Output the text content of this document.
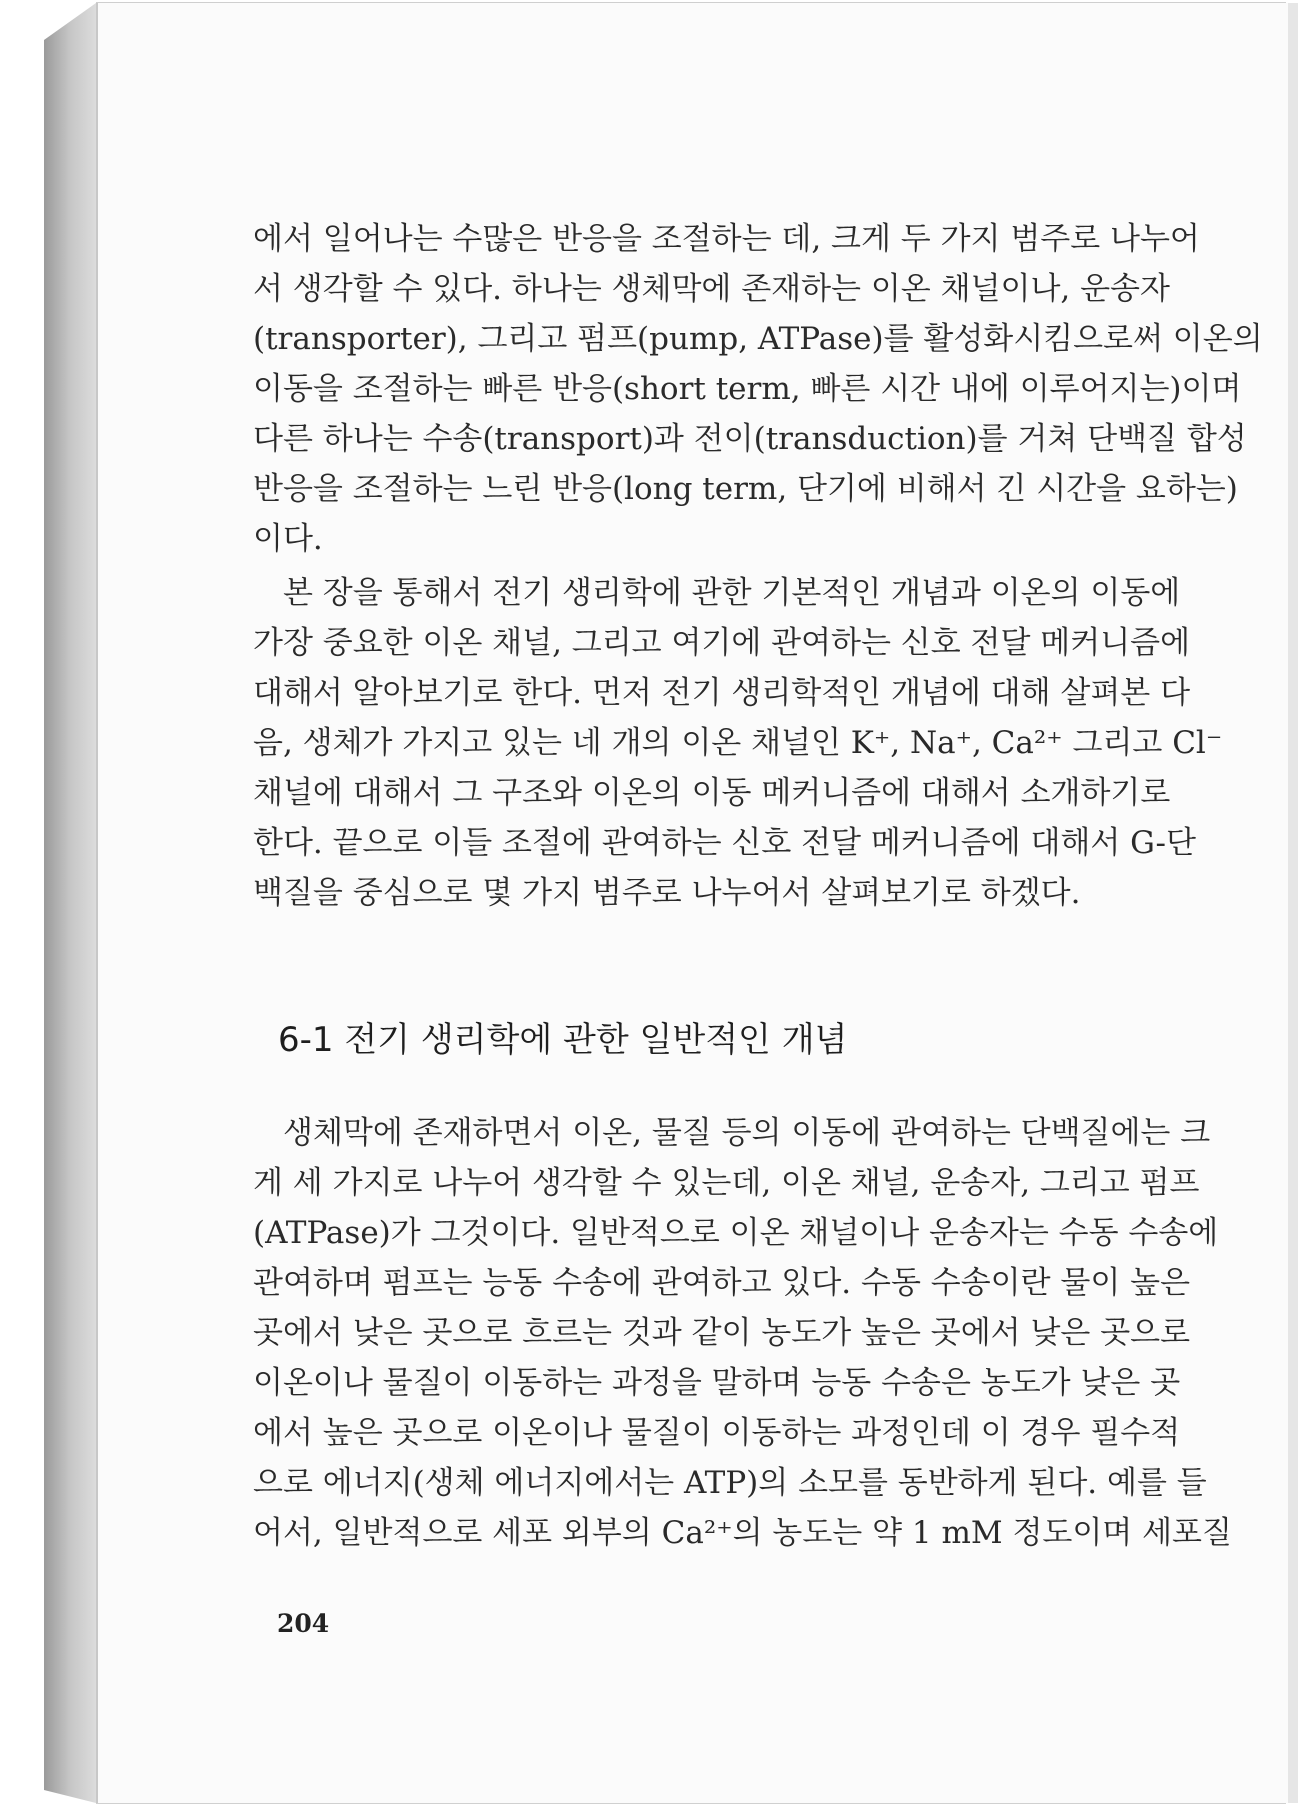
에서 일어나는 수많은 반응을 조절하는 데, 크게 두 가지 범주로 나누어
서 생각할 수 있다. 하나는 생체막에 존재하는 이온 채널이나, 운송자
(transporter), 그리고 펌프(pump, ATPase)를 활성화시킴으로써 이온의
이동을 조절하는 빠른 반응(short term, 빠른 시간 내에 이루어지는)이며
다른 하나는 수송(transport)과 전이(transduction)를 거쳐 단백질 합성
반응을 조절하는 느린 반응(long term, 단기에 비해서 긴 시간을 요하는)
이다.
본 장을 통해서 전기 생리학에 관한 기본적인 개념과 이온의 이동에
가장 중요한 이온 채널, 그리고 여기에 관여하는 신호 전달 메커니즘에
대해서 알아보기로 한다. 먼저 전기 생리학적인 개념에 대해 살펴본 다
음, 생체가 가지고 있는 네 개의 이온 채널인 K⁺, Na⁺, Ca²⁺ 그리고 Cl⁻
채널에 대해서 그 구조와 이온의 이동 메커니즘에 대해서 소개하기로
한다. 끝으로 이들 조절에 관여하는 신호 전달 메커니즘에 대해서 G-단
백질을 중심으로 몇 가지 범주로 나누어서 살펴보기로 하겠다.
6-1 전기 생리학에 관한 일반적인 개념
생체막에 존재하면서 이온, 물질 등의 이동에 관여하는 단백질에는 크
게 세 가지로 나누어 생각할 수 있는데, 이온 채널, 운송자, 그리고 펌프
(ATPase)가 그것이다. 일반적으로 이온 채널이나 운송자는 수동 수송에
관여하며 펌프는 능동 수송에 관여하고 있다. 수동 수송이란 물이 높은
곳에서 낮은 곳으로 흐르는 것과 같이 농도가 높은 곳에서 낮은 곳으로
이온이나 물질이 이동하는 과정을 말하며 능동 수송은 농도가 낮은 곳
에서 높은 곳으로 이온이나 물질이 이동하는 과정인데 이 경우 필수적
으로 에너지(생체 에너지에서는 ATP)의 소모를 동반하게 된다. 예를 들
어서, 일반적으로 세포 외부의 Ca²⁺의 농도는 약 1 mM 정도이며 세포질
204
